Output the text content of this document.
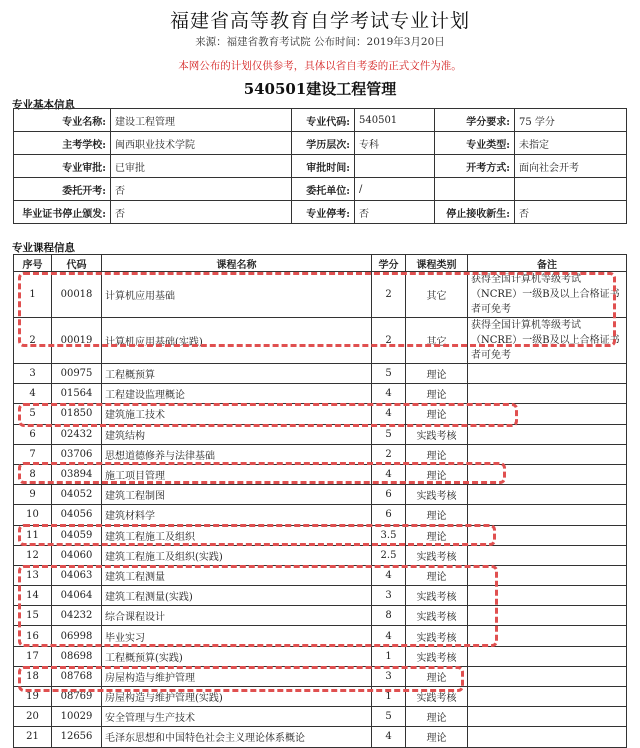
福建省高等教育自学考试专业计划
来源：福建省教育考试院 公布时间：2019年3月20日
本网公布的计划仅供参考，具体以省自考委的正式文件为准。
540501建设工程管理
专业基本信息
专业名称:	建设工程管理	专业代码:	540501	学分要求:	75 学分
主考学校:	闽西职业技术学院	学历层次:	专科	专业类型:	未指定
专业审批:	已审批	审批时间:		开考方式:	面向社会开考
委托开考:	否	委托单位:	/		
毕业证书停止颁发:	否	专业停考:	否	停止接收新生:	否
专业课程信息
序号	代码	课程名称	学分	课程类别	备注
1	00018	计算机应用基础	2	其它	获得全国计算机等级考试（NCRE）一级B及以上合格证书者可免考
2	00019	计算机应用基础(实践)	2	其它	获得全国计算机等级考试（NCRE）一级B及以上合格证书者可免考
3	00975	工程概预算	5	理论	
4	01564	工程建设监理概论	4	理论	
5	01850	建筑施工技术	4	理论	
6	02432	建筑结构	5	实践考核	
7	03706	思想道德修养与法律基础	2	理论	
8	03894	施工项目管理	4	理论	
9	04052	建筑工程制图	6	实践考核	
10	04056	建筑材料学	6	理论	
11	04059	建筑工程施工及组织	3.5	理论	
12	04060	建筑工程施工及组织(实践)	2.5	实践考核	
13	04063	建筑工程测量	4	理论	
14	04064	建筑工程测量(实践)	3	实践考核	
15	04232	综合课程设计	8	实践考核	
16	06998	毕业实习	4	实践考核	
17	08698	工程概预算(实践)	1	实践考核	
18	08768	房屋构造与维护管理	3	理论	
19	08769	房屋构造与维护管理(实践)	1	实践考核	
20	10029	安全管理与生产技术	5	理论	
21	12656	毛泽东思想和中国特色社会主义理论体系概论	4	理论	
